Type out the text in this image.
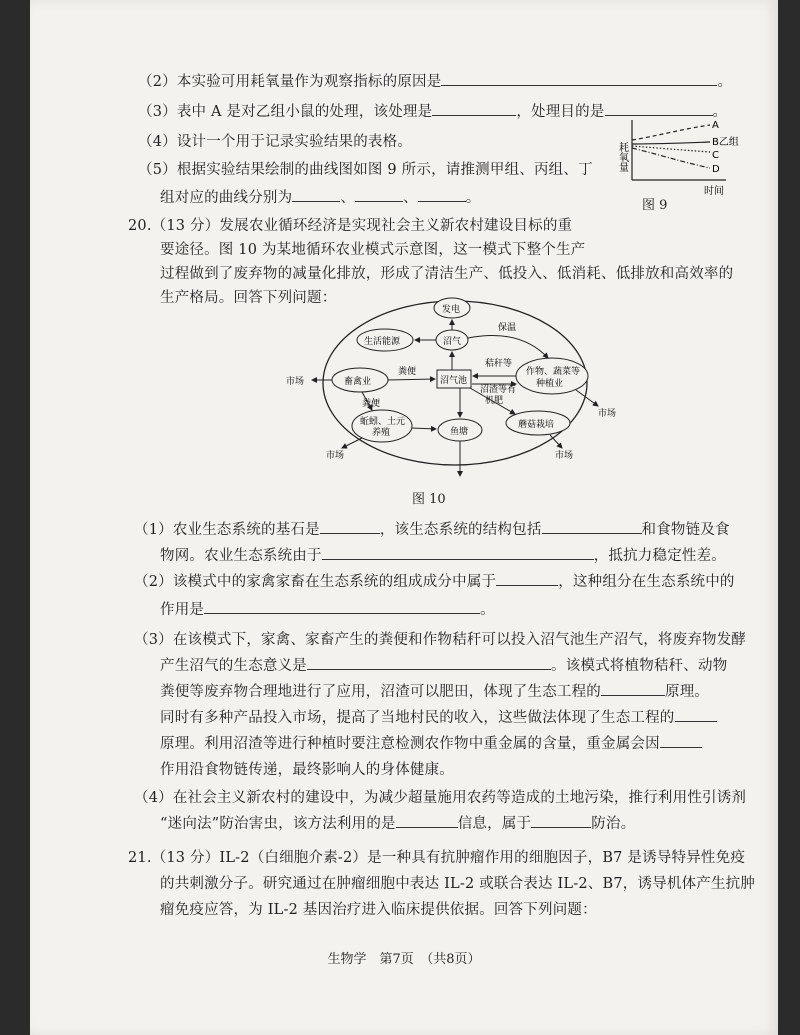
（2）本实验可用耗氧量作为观察指标的原因是	。
（3）表中 A 是对乙组小鼠的处理，该处理是	，处理目的是	。
（4）设计一个用于记录实验结果的表格。
（5）根据实验结果绘制的曲线图如图 9 所示，请推测甲组、丙组、丁
组对应的曲线分别为	、	、	。
耗氧量
A
B乙组
C
D
时间
图 9
20.（13 分）发展农业循环经济是实现社会主义新农村建设目标的重
要途径。图 10 为某地循环农业模式示意图，这一模式下整个生产
过程做到了废弃物的减量化排放，形成了清洁生产、低投入、低消耗、低排放和高效率的
生产格局。回答下列问题：
发电
生活能源	沼气
保温
畜禽业
粪便
沼气池
秸秆等
作物、蔬菜等
种植业
沼渣等有
机肥
粪便
蚯蚓、土元
养殖	鱼塘
蘑菇栽培
市场
市场
市场	市场
图 10
（1）农业生态系统的基石是	，该生态系统的结构包括	和食物链及食
物网。农业生态系统由于	，抵抗力稳定性差。
（2）该模式中的家禽家畜在生态系统的组成成分中属于	，这种组分在生态系统中的
作用是	。
（3）在该模式下，家禽、家畜产生的粪便和作物秸秆可以投入沼气池生产沼气，将废弃物发酵
产生沼气的生态意义是	。该模式将植物秸秆、动物
粪便等废弃物合理地进行了应用，沼渣可以肥田，体现了生态工程的	原理。
同时有多种产品投入市场，提高了当地村民的收入，这些做法体现了生态工程的
原理。利用沼渣等进行种植时要注意检测农作物中重金属的含量，重金属会因
作用沿食物链传递，最终影响人的身体健康。
（4）在社会主义新农村的建设中，为减少超量施用农药等造成的土地污染，推行利用性引诱剂
“迷向法”防治害虫，该方法利用的是	信息，属于	防治。
21.（13 分）IL-2（白细胞介素-2）是一种具有抗肿瘤作用的细胞因子，B7 是诱导特异性免疫
的共刺激分子。研究通过在肿瘤细胞中表达 IL-2 或联合表达 IL-2、B7，诱导机体产生抗肿
瘤免疫应答，为 IL-2 基因治疗进入临床提供依据。回答下列问题：
生物学　第7页　（共8页）
